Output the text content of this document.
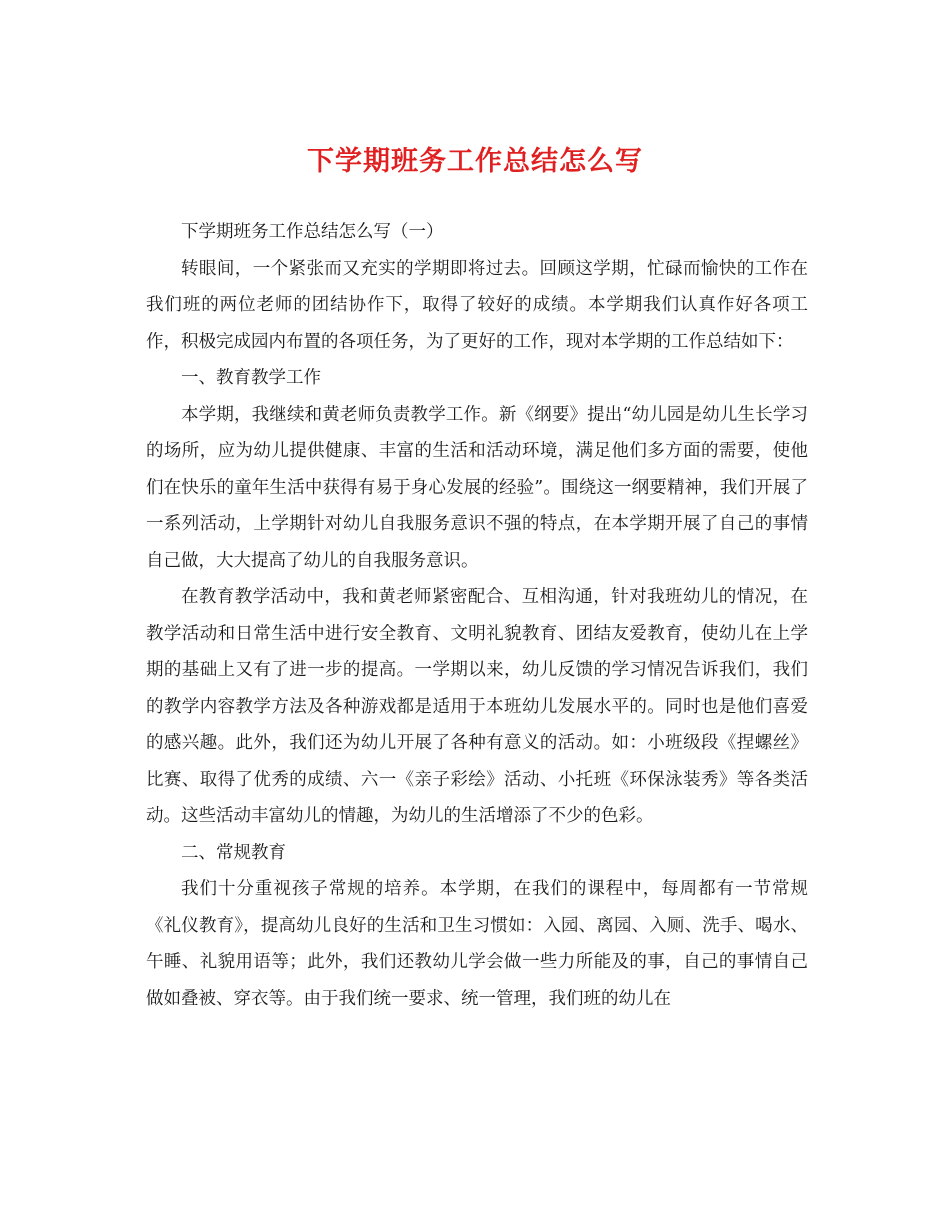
下学期班务工作总结怎么写

下学期班务工作总结怎么写（一）

转眼间，一个紧张而又充实的学期即将过去。回顾这学期，忙碌而愉快的工作在我们班的两位老师的团结协作下，取得了较好的成绩。本学期我们认真作好各项工作，积极完成园内布置的各项任务，为了更好的工作，现对本学期的工作总结如下：

一、教育教学工作

本学期，我继续和黄老师负责教学工作。新《纲要》提出“幼儿园是幼儿生长学习的场所，应为幼儿提供健康、丰富的生活和活动环境，满足他们多方面的需要，使他们在快乐的童年生活中获得有易于身心发展的经验”。围绕这一纲要精神，我们开展了一系列活动，上学期针对幼儿自我服务意识不强的特点，在本学期开展了自己的事情自己做，大大提高了幼儿的自我服务意识。

在教育教学活动中，我和黄老师紧密配合、互相沟通，针对我班幼儿的情况，在教学活动和日常生活中进行安全教育、文明礼貌教育、团结友爱教育，使幼儿在上学期的基础上又有了进一步的提高。一学期以来，幼儿反馈的学习情况告诉我们，我们的教学内容教学方法及各种游戏都是适用于本班幼儿发展水平的。同时也是他们喜爱的感兴趣。此外，我们还为幼儿开展了各种有意义的活动。如：小班级段《捏螺丝》比赛、取得了优秀的成绩、六一《亲子彩绘》活动、小托班《环保泳装秀》等各类活动。这些活动丰富幼儿的情趣，为幼儿的生活增添了不少的色彩。

二、常规教育

我们十分重视孩子常规的培养。本学期，在我们的课程中，每周都有一节常规《礼仪教育》，提高幼儿良好的生活和卫生习惯如：入园、离园、入厕、洗手、喝水、午睡、礼貌用语等；此外，我们还教幼儿学会做一些力所能及的事，自己的事情自己做如叠被、穿衣等。由于我们统一要求、统一管理，我们班的幼儿在
